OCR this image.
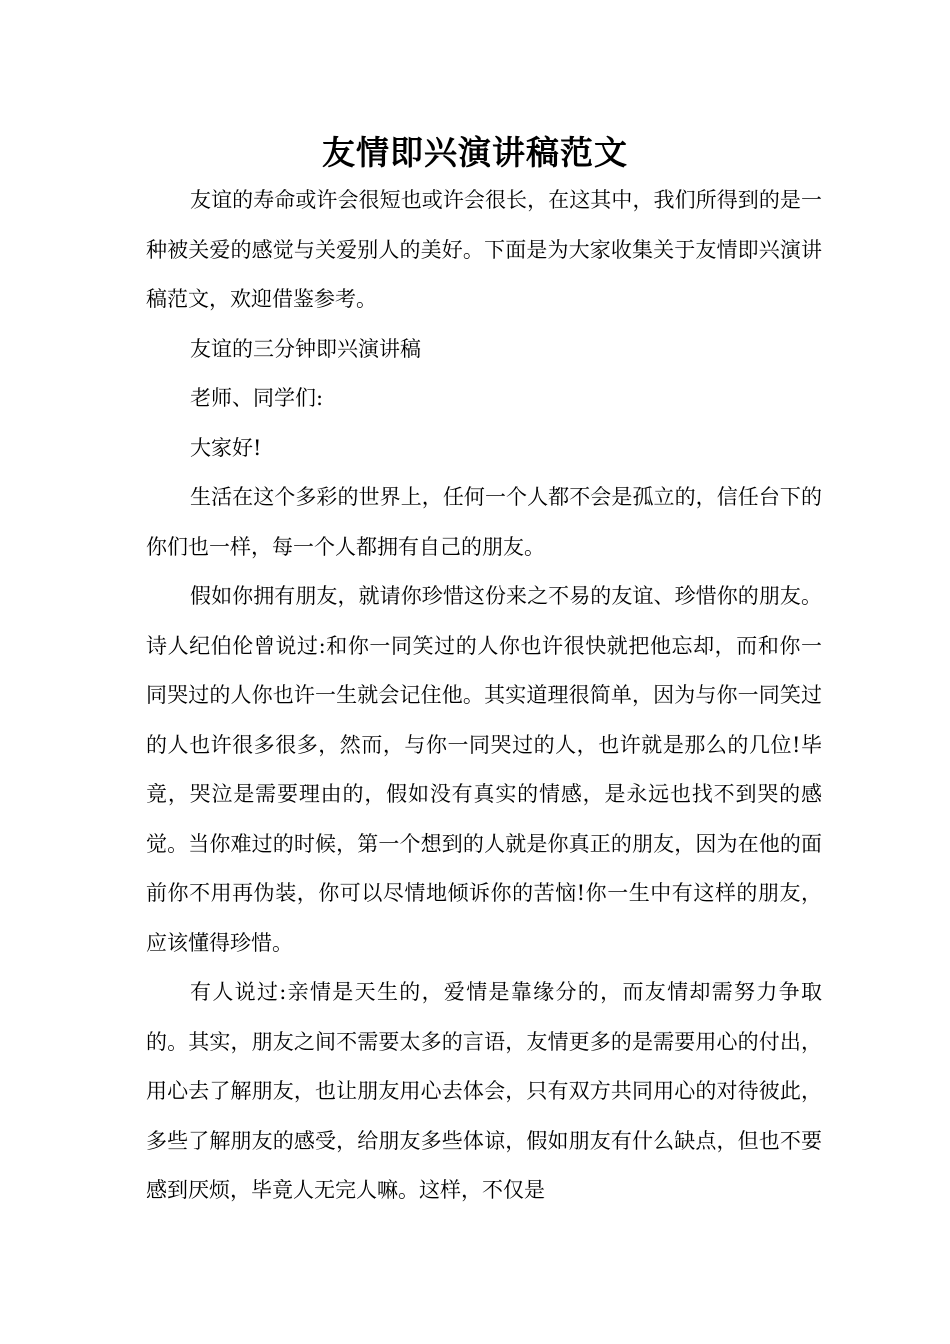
友情即兴演讲稿范文

友谊的寿命或许会很短也或许会很长，在这其中，我们所得到的是一种被关爱的感觉与关爱别人的美好。下面是为大家收集关于友情即兴演讲稿范文，欢迎借鉴参考。

友谊的三分钟即兴演讲稿

老师、同学们:

大家好!

生活在这个多彩的世界上，任何一个人都不会是孤立的，信任台下的你们也一样，每一个人都拥有自己的朋友。

假如你拥有朋友，就请你珍惜这份来之不易的友谊、珍惜你的朋友。诗人纪伯伦曾说过:和你一同笑过的人你也许很快就把他忘却，而和你一同哭过的人你也许一生就会记住他。其实道理很简单，因为与你一同笑过的人也许很多很多，然而，与你一同哭过的人，也许就是那么的几位!毕竟，哭泣是需要理由的，假如没有真实的情感，是永远也找不到哭的感觉。当你难过的时候，第一个想到的人就是你真正的朋友，因为在他的面前你不用再伪装，你可以尽情地倾诉你的苦恼!你一生中有这样的朋友，应该懂得珍惜。

有人说过:亲情是天生的，爱情是靠缘分的，而友情却需努力争取的。其实，朋友之间不需要太多的言语，友情更多的是需要用心的付出，用心去了解朋友，也让朋友用心去体会，只有双方共同用心的对待彼此，多些了解朋友的感受，给朋友多些体谅，假如朋友有什么缺点，但也不要感到厌烦，毕竟人无完人嘛。这样，不仅是
